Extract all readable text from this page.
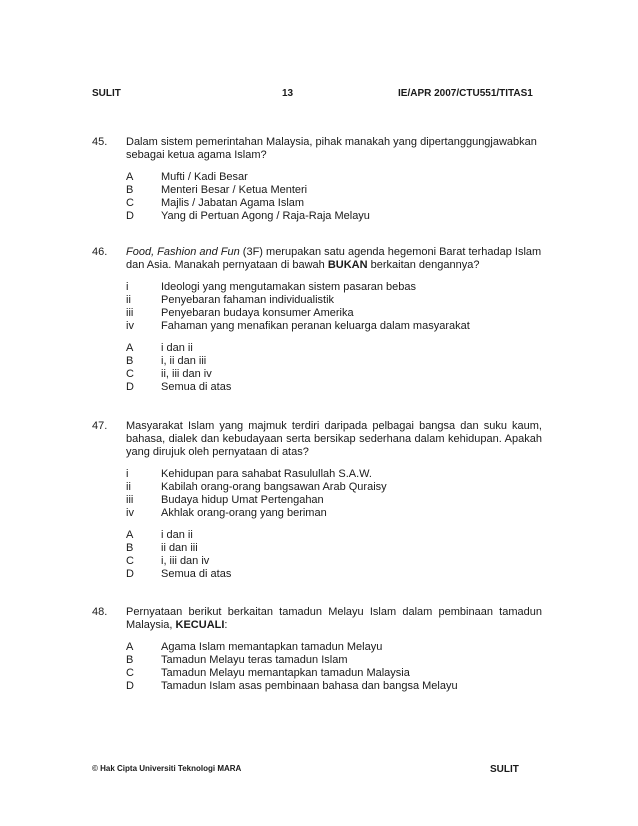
SULIT	13	IE/APR 2007/CTU551/TITAS1
45. Dalam sistem pemerintahan Malaysia, pihak manakah yang dipertanggungjawabkan sebagai ketua agama Islam?
A	Mufti / Kadi Besar
B	Menteri Besar / Ketua Menteri
C	Majlis / Jabatan Agama Islam
D	Yang di Pertuan Agong / Raja-Raja Melayu
46. Food, Fashion and Fun (3F) merupakan satu agenda hegemoni Barat terhadap Islam dan Asia. Manakah pernyataan di bawah BUKAN berkaitan dengannya?
i	Ideologi yang mengutamakan sistem pasaran bebas
ii	Penyebaran fahaman individualistik
iii	Penyebaran budaya konsumer Amerika
iv	Fahaman yang menafikan peranan keluarga dalam masyarakat
A	i dan ii
B	i, ii dan iii
C	ii, iii dan iv
D	Semua di atas
47. Masyarakat Islam yang majmuk terdiri daripada pelbagai bangsa dan suku kaum, bahasa, dialek dan kebudayaan serta bersikap sederhana dalam kehidupan. Apakah yang dirujuk oleh pernyataan di atas?
i	Kehidupan para sahabat Rasulullah S.A.W.
ii	Kabilah orang-orang bangsawan Arab Quraisy
iii	Budaya hidup Umat Pertengahan
iv	Akhlak orang-orang yang beriman
A	i dan ii
B	ii dan iii
C	i, iii dan iv
D	Semua di atas
48. Pernyataan berikut berkaitan tamadun Melayu Islam dalam pembinaan tamadun Malaysia, KECUALI:
A	Agama Islam memantapkan tamadun Melayu
B	Tamadun Melayu teras tamadun Islam
C	Tamadun Melayu memantapkan tamadun Malaysia
D	Tamadun Islam asas pembinaan bahasa dan bangsa Melayu
© Hak Cipta Universiti Teknologi MARA	SULIT
